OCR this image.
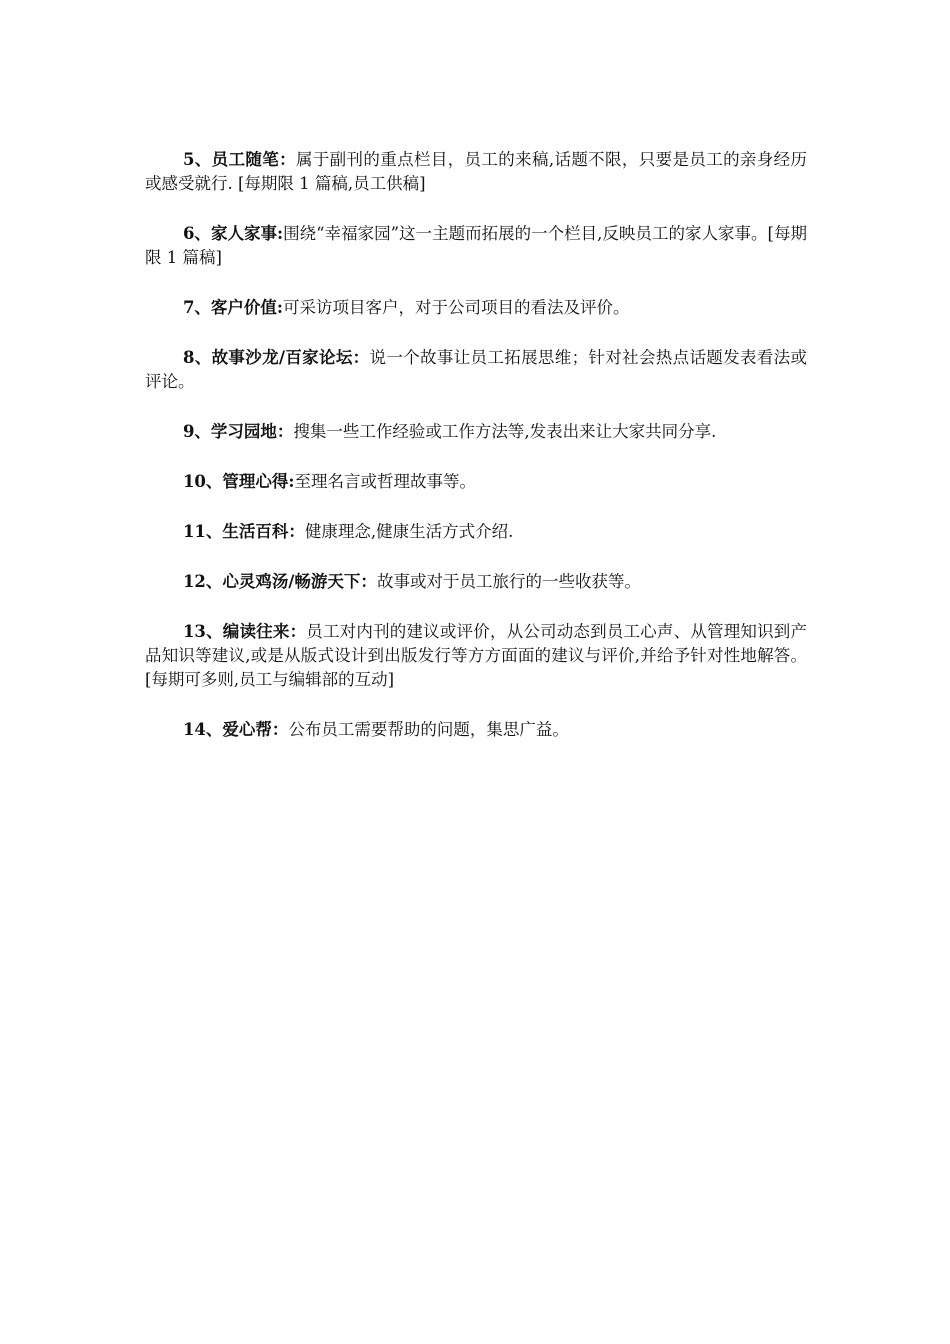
5、员工随笔：属于副刊的重点栏目，员工的来稿,话题不限，只要是员工的亲身经历或感受就行. [每期限 1 篇稿,员工供稿]

6、家人家事:围绕“幸福家园”这一主题而拓展的一个栏目,反映员工的家人家事。[每期限 1 篇稿]

7、客户价值:可采访项目客户，对于公司项目的看法及评价。

8、故事沙龙/百家论坛：说一个故事让员工拓展思维；针对社会热点话题发表看法或评论。

9、学习园地：搜集一些工作经验或工作方法等,发表出来让大家共同分享.

10、管理心得:至理名言或哲理故事等。

11、生活百科：健康理念,健康生活方式介绍.

12、心灵鸡汤/畅游天下：故事或对于员工旅行的一些收获等。

13、编读往来：员工对内刊的建议或评价，从公司动态到员工心声、从管理知识到产品知识等建议,或是从版式设计到出版发行等方方面面的建议与评价,并给予针对性地解答。[每期可多则,员工与编辑部的互动]

14、爱心帮：公布员工需要帮助的问题，集思广益。
